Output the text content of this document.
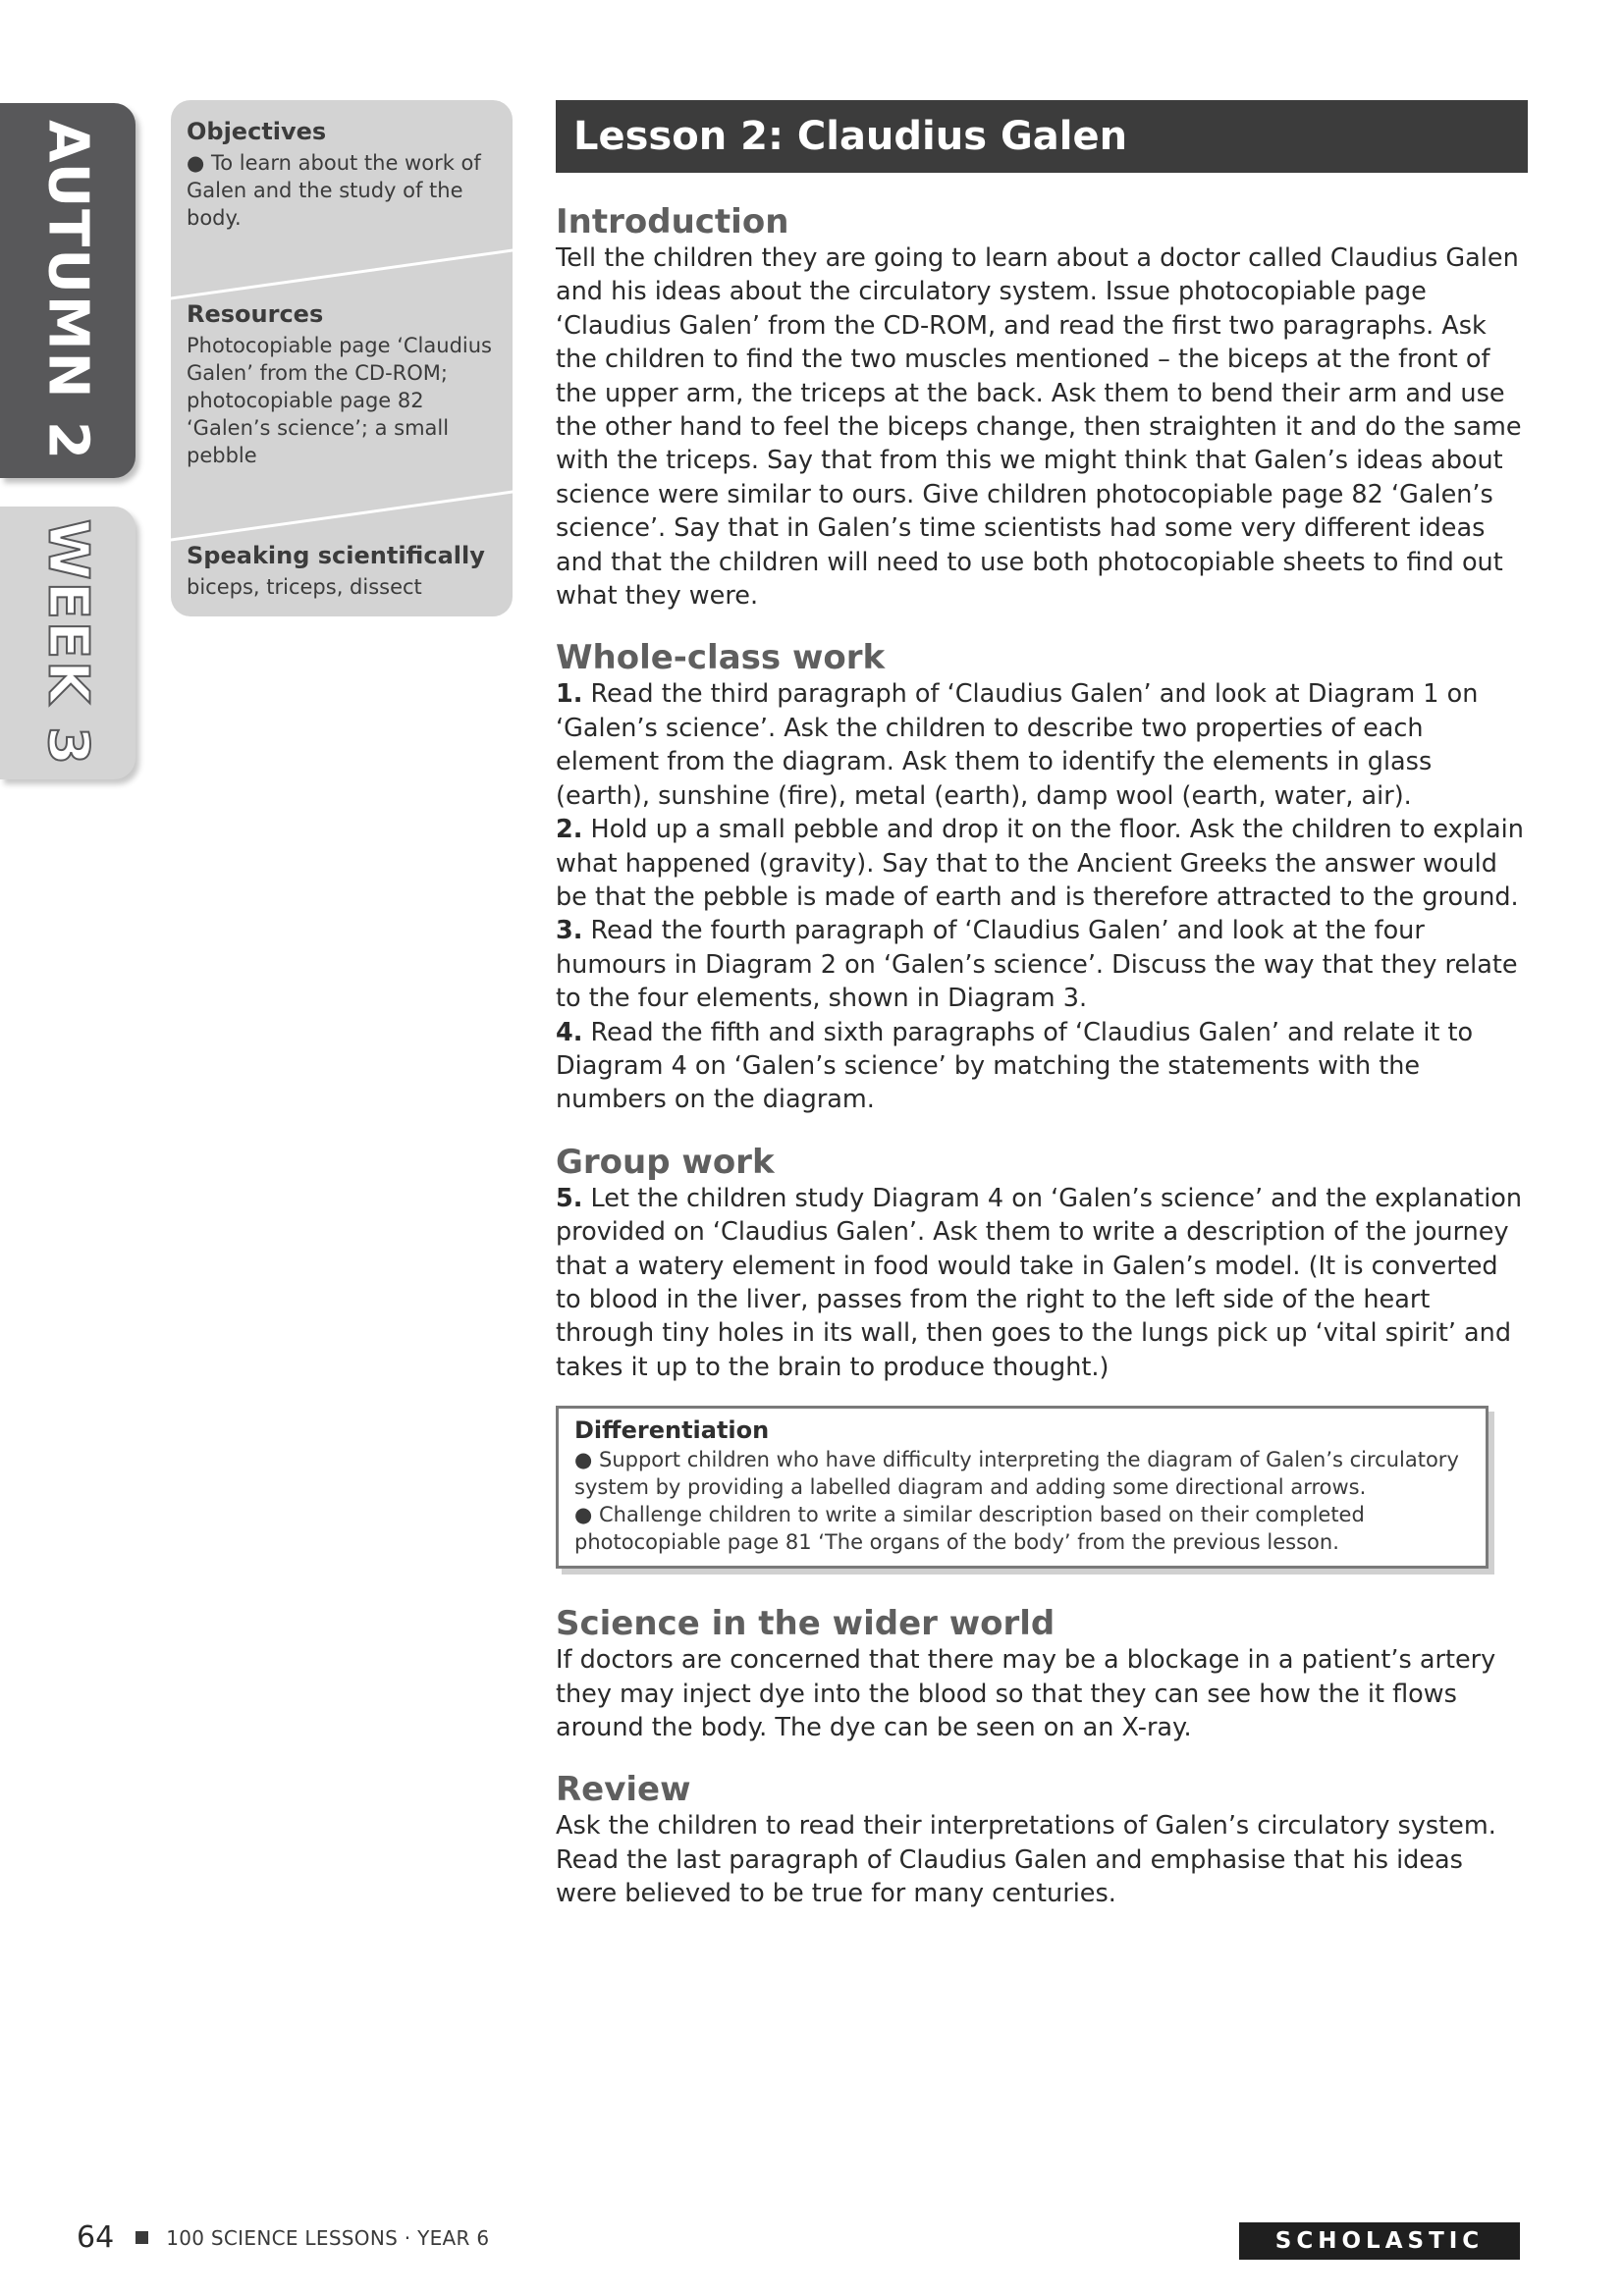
AUTUMN 2
WEEK 3

Objectives

● To learn about the work of Galen and the study of the body.

Resources

Photocopiable page ‘Claudius Galen’ from the CD-ROM; photocopiable page 82 ‘Galen’s science’; a small pebble

Speaking scientifically

biceps, triceps, dissect

Lesson 2: Claudius Galen
Introduction

Tell the children they are going to learn about a doctor called Claudius Galen and his ideas about the circulatory system. Issue photocopiable page ‘Claudius Galen’ from the CD-ROM, and read the first two paragraphs. Ask the children to find the two muscles mentioned – the biceps at the front of the upper arm, the triceps at the back. Ask them to bend their arm and use the other hand to feel the biceps change, then straighten it and do the same with the triceps. Say that from this we might think that Galen’s ideas about science were similar to ours. Give children photocopiable page 82 ‘Galen’s science’. Say that in Galen’s time scientists had some very different ideas and that the children will need to use both photocopiable sheets to find out what they were.

Whole-class work

1. Read the third paragraph of ‘Claudius Galen’ and look at Diagram 1 on ‘Galen’s science’. Ask the children to describe two properties of each element from the diagram. Ask them to identify the elements in glass (earth), sunshine (fire), metal (earth), damp wool (earth, water, air).

2. Hold up a small pebble and drop it on the floor. Ask the children to explain what happened (gravity). Say that to the Ancient Greeks the answer would be that the pebble is made of earth and is therefore attracted to the ground.

3. Read the fourth paragraph of ‘Claudius Galen’ and look at the four humours in Diagram 2 on ‘Galen’s science’. Discuss the way that they relate to the four elements, shown in Diagram 3.

4. Read the fifth and sixth paragraphs of ‘Claudius Galen’ and relate it to Diagram 4 on ‘Galen’s science’ by matching the statements with the numbers on the diagram.

Group work

5. Let the children study Diagram 4 on ‘Galen’s science’ and the explanation provided on ‘Claudius Galen’. Ask them to write a description of the journey that a watery element in food would take in Galen’s model. (It is converted to blood in the liver, passes from the right to the left side of the heart through tiny holes in its wall, then goes to the lungs pick up ‘vital spirit’ and takes it up to the brain to produce thought.)

Differentiation

● Support children who have difficulty interpreting the diagram of Galen’s circulatory system by providing a labelled diagram and adding some directional arrows.

● Challenge children to write a similar description based on their completed photocopiable page 81 ‘The organs of the body’ from the previous lesson.

Science in the wider world

If doctors are concerned that there may be a blockage in a patient’s artery they may inject dye into the blood so that they can see how the it flows around the body. The dye can be seen on an X-ray.

Review

Ask the children to read their interpretations of Galen’s circulatory system. Read the last paragraph of Claudius Galen and emphasise that his ideas were believed to be true for many centuries.

64	100 SCIENCE LESSONS · YEAR 6	SCHOLASTIC
